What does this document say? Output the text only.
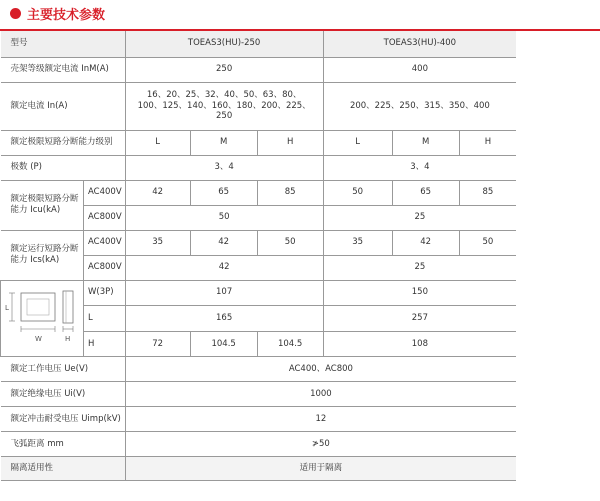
主要技术参数
型号		TOEAS3(HU)-250			TOEAS3(HU)-400		
壳架等级额定电流 InM(A)		250			400		
额定电流 In(A)		16、20、25、32、40、50、63、80、100、125、140、160、180、200、225、250			200、225、250、315、350、400		
额定极限短路分断能力级别		L	M	H	L	M	H
极数 (P)		3、4			3、4		
额定极限短路分断能力 Icu(kA)	AC400V	42	65	85	50	65	85
	AC800V	50			25		
额定运行短路分断能力 Ics(kA)	AC400V	35	42	50	35	42	50
	AC800V	42			25		

L
W H	W(3P)	107			150		
	L	165			257		
	H	72	104.5	104.5	108		
额定工作电压 Ue(V)		AC400、AC800					
额定绝缘电压 Ui(V)		1000					
额定冲击耐受电压 Uimp(kV)		12					
飞弧距离 mm		≯50					
隔离适用性		适用于隔离					
